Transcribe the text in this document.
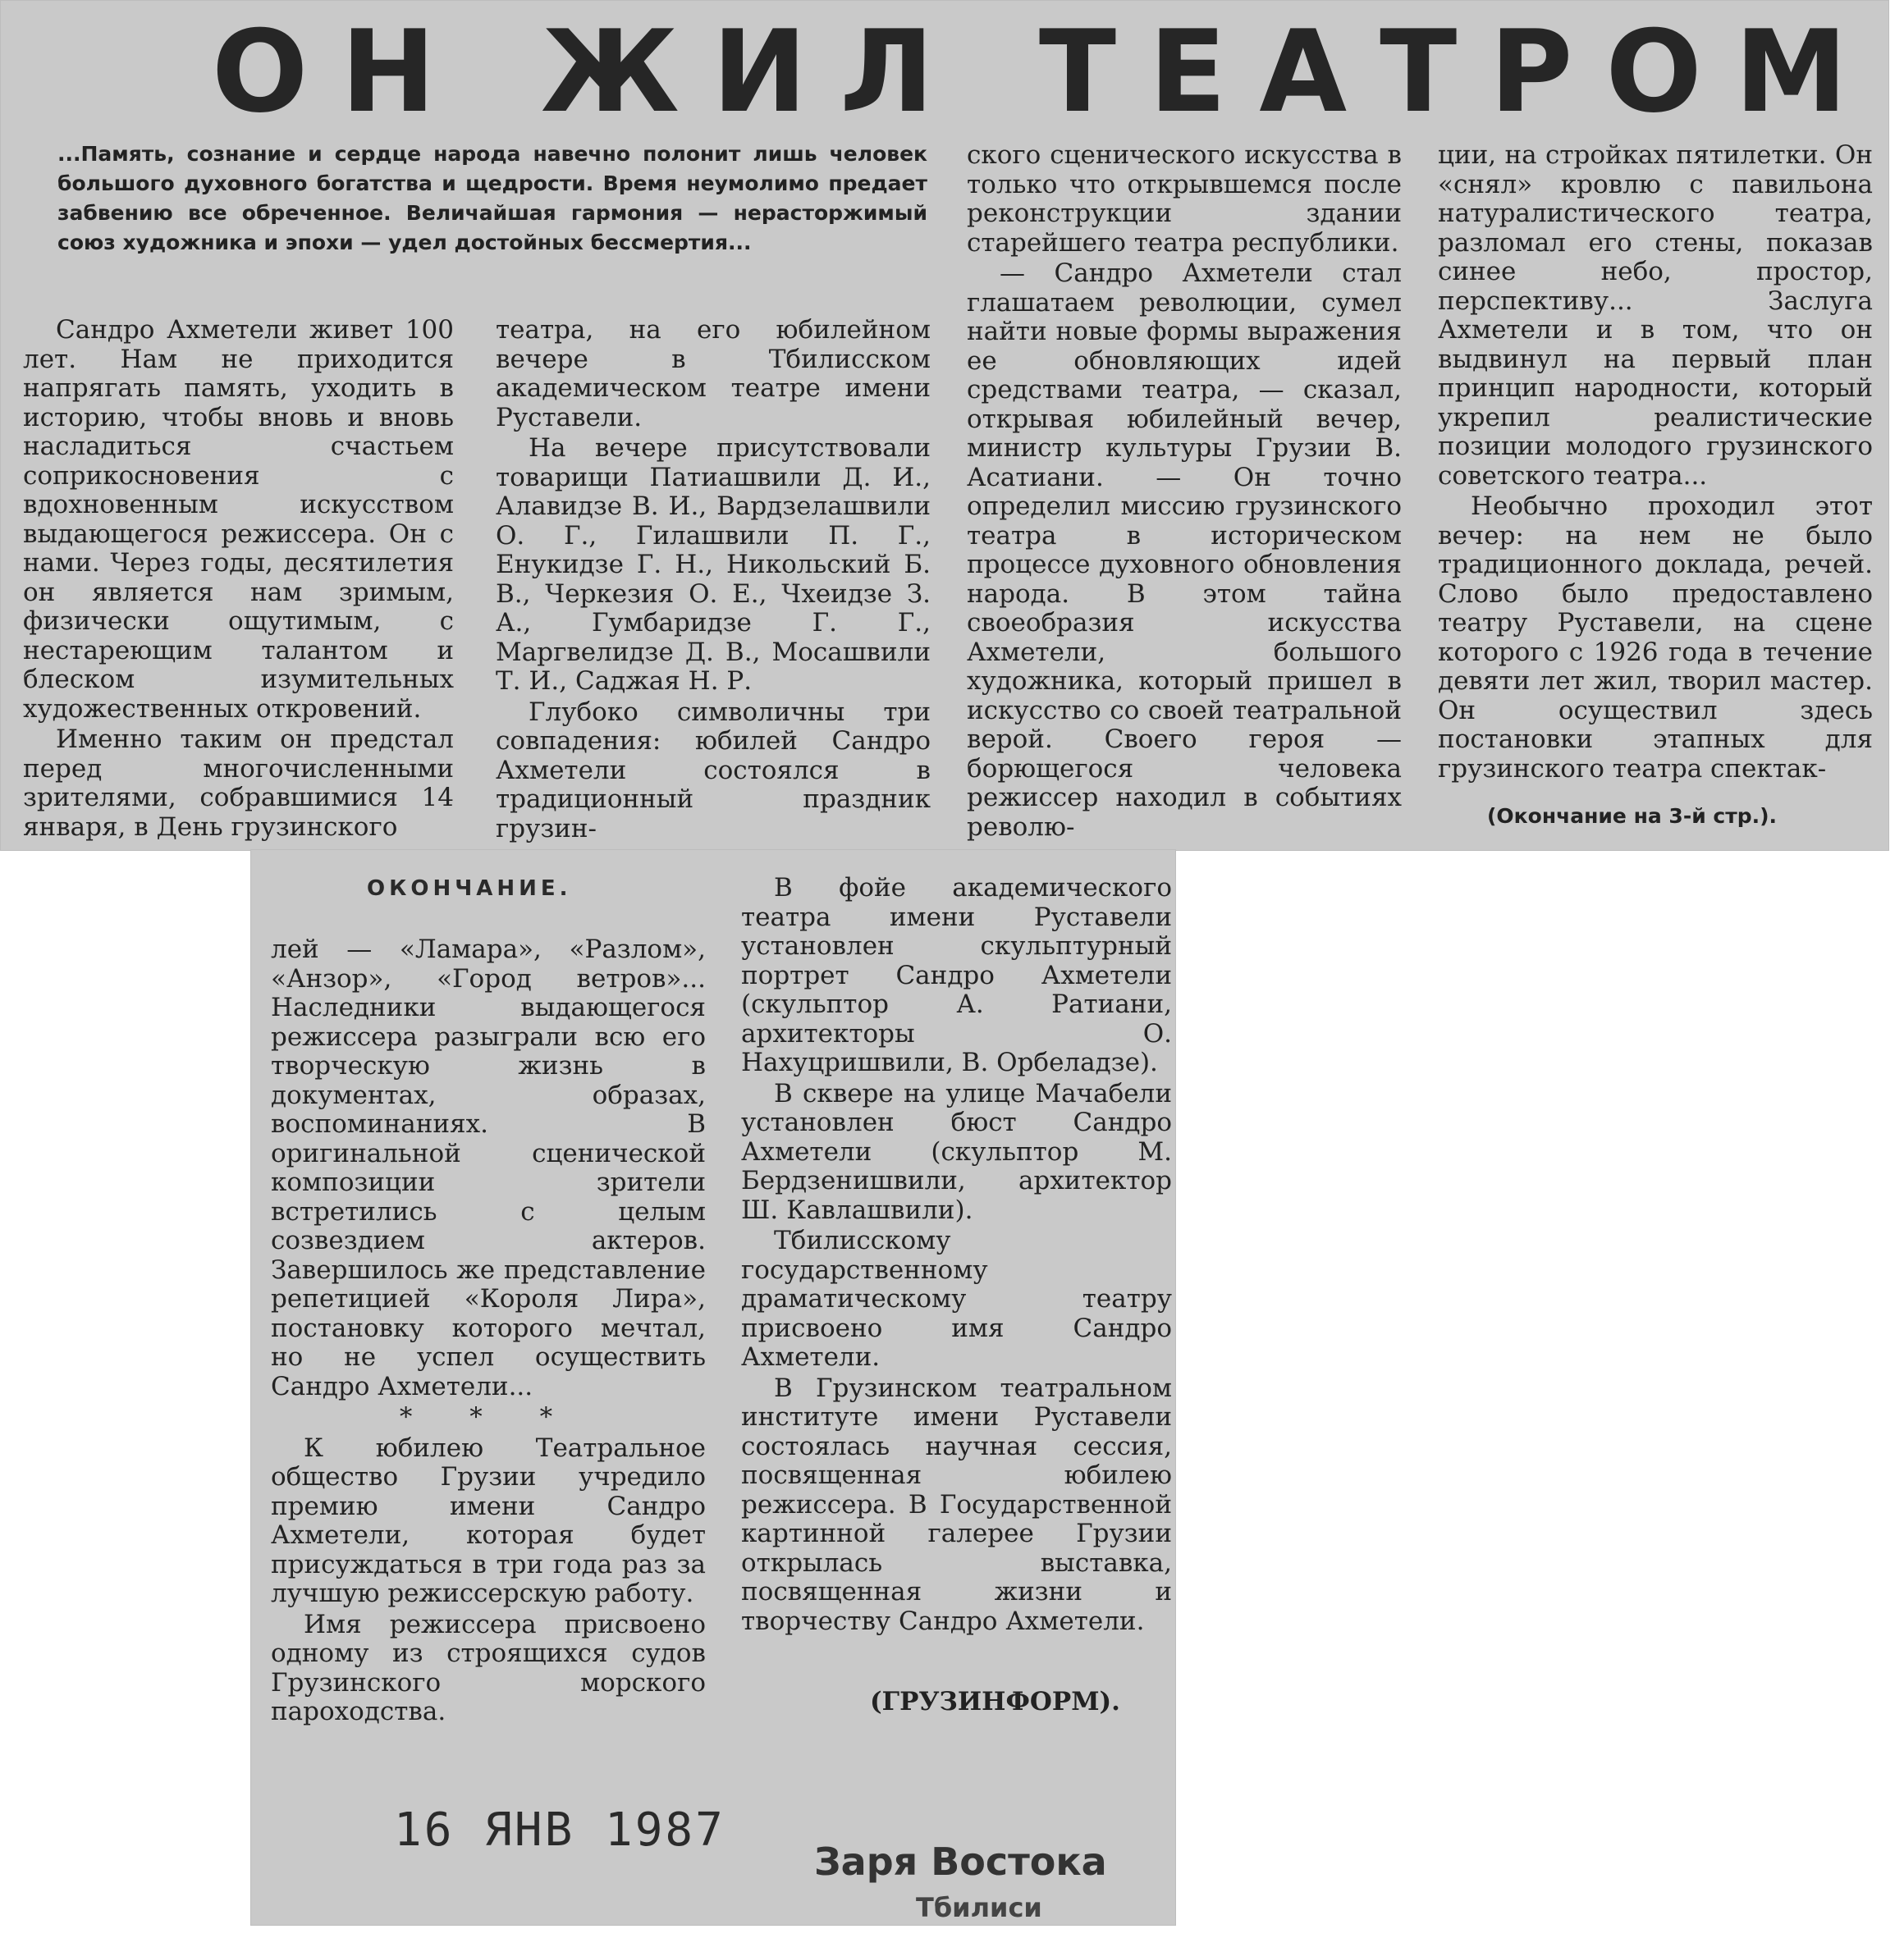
ОН ЖИЛ ТЕАТРОМ
...Память, сознание и сердце народа навечно полонит лишь человек большого духовного богатства и щедрости. Время неумолимо предает забвению все обреченное. Величайшая гармония — нерасторжимый союз художника и эпохи — удел достойных бессмертия...

Сандро Ахметели живет 100 лет. Нам не приходится напрягать память, уходить в историю, чтобы вновь и вновь насладиться счастьем соприкосновения с вдохновенным искусством выдающегося режиссера. Он с нами. Через годы, десятилетия он является нам зримым, физически ощутимым, с нестареющим талантом и блеском изумительных художественных откровений.

Именно таким он предстал перед многочисленными зрителями, собравшимися 14 января, в День грузинского

театра, на его юбилейном вечере в Тбилисском академическом театре имени Руставели.

На вечере присутствовали товарищи Патиашвили Д. И., Алавидзе В. И., Вардзелашвили О. Г., Гилашвили П. Г., Енукидзе Г. Н., Никольский Б. В., Черкезия О. Е., Чхеидзе З. А., Гумбаридзе Г. Г., Маргвелидзе Д. В., Мосашвили Т. И., Саджая Н. Р.

Глубоко символичны три совпадения: юбилей Сандро Ахметели состоялся в традиционный праздник грузин-

ского сценического искусства в только что открывшемся после реконструкции здании старейшего театра республики.

— Сандро Ахметели стал глашатаем революции, сумел найти новые формы выражения ее обновляющих идей средствами театра, — сказал, открывая юбилейный вечер, министр культуры Грузии В. Асатиани. — Он точно определил миссию грузинского театра в историческом процессе духовного обновления народа. В этом тайна своеобразия искусства Ахметели, большого художника, который пришел в искусство со своей театральной верой. Своего героя — борющегося человека режиссер находил в событиях револю-

ции, на стройках пятилетки. Он «снял» кровлю с павильона натуралистического театра, разломал его стены, показав синее небо, простор, перспективу... Заслуга Ахметели и в том, что он выдвинул на первый план принцип народности, который укрепил реалистические позиции молодого грузинского советского театра...

Необычно проходил этот вечер: на нем не было традиционного доклада, речей. Слово было предоставлено театру Руставели, на сцене которого с 1926 года в течение девяти лет жил, творил мастер. Он осуществил здесь постановки этапных для грузинского театра спектак-

(Окончание на 3-й стр.).
ОКОНЧАНИЕ.

лей — «Ламара», «Разлом», «Анзор», «Город ветров»... Наследники выдающегося режиссера разыграли всю его творческую жизнь в документах, образах, воспоминаниях. В оригинальной сценической композиции зрители встретились с целым созвездием актеров. Завершилось же представление репетицией «Короля Лира», постановку которого мечтал, но не успел осуществить Сандро Ахметели...

* * *

К юбилею Театральное общество Грузии учредило премию имени Сандро Ахметели, которая будет присуждаться в три года раз за лучшую режиссерскую работу.

Имя режиссера присвоено одному из строящихся судов Грузинского морского пароходства.

В фойе академического театра имени Руставели установлен скульптурный портрет Сандро Ахметели (скульптор А. Ратиани, архитекторы О. Нахуцришвили, В. Орбеладзе).

В сквере на улице Мачабели установлен бюст Сандро Ахметели (скульптор М. Бердзенишвили, архитектор Ш. Кавлашвили).

Тбилисскому государственному драматическому театру присвоено имя Сандро Ахметели.

В Грузинском театральном институте имени Руставели состоялась научная сессия, посвященная юбилею режиссера. В Государственной картинной галерее Грузии открылась выставка, посвященная жизни и творчеству Сандро Ахметели.

(ГРУЗИНФОРМ).
16 ЯНВ 1987
Заря Востока
Тбилиси
